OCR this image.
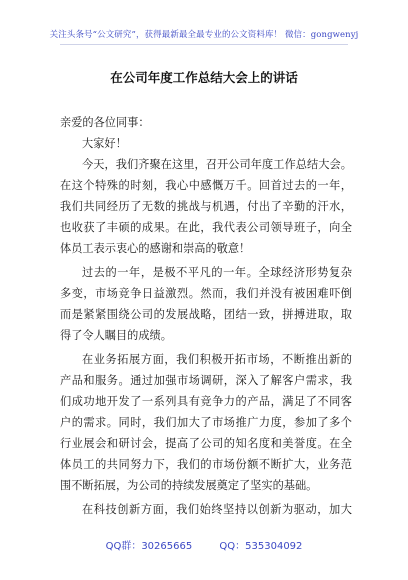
关注头条号“公文研究”，获得最新最全最专业的公文资料库！ 微信：gongwenyj
在公司年度工作总结大会上的讲话
亲爱的各位同事：
大家好！
今天，我们齐聚在这里，召开公司年度工作总结大会。
在这个特殊的时刻，我心中感慨万千。回首过去的一年，
我们共同经历了无数的挑战与机遇，付出了辛勤的汗水，
也收获了丰硕的成果。在此，我代表公司领导班子，向全
体员工表示衷心的感谢和崇高的敬意！
过去的一年，是极不平凡的一年。全球经济形势复杂
多变，市场竞争日益激烈。然而，我们并没有被困难吓倒
而是紧紧围绕公司的发展战略，团结一致，拼搏进取，取
得了令人瞩目的成绩。
在业务拓展方面，我们积极开拓市场，不断推出新的
产品和服务。通过加强市场调研，深入了解客户需求，我
们成功地开发了一系列具有竞争力的产品，满足了不同客
户的需求。同时，我们加大了市场推广力度，参加了多个
行业展会和研讨会，提高了公司的知名度和美誉度。在全
体员工的共同努力下，我们的市场份额不断扩大，业务范
围不断拓展，为公司的持续发展奠定了坚实的基础。
在科技创新方面，我们始终坚持以创新为驱动，加大
QQ群：30265665	QQ：535304092
